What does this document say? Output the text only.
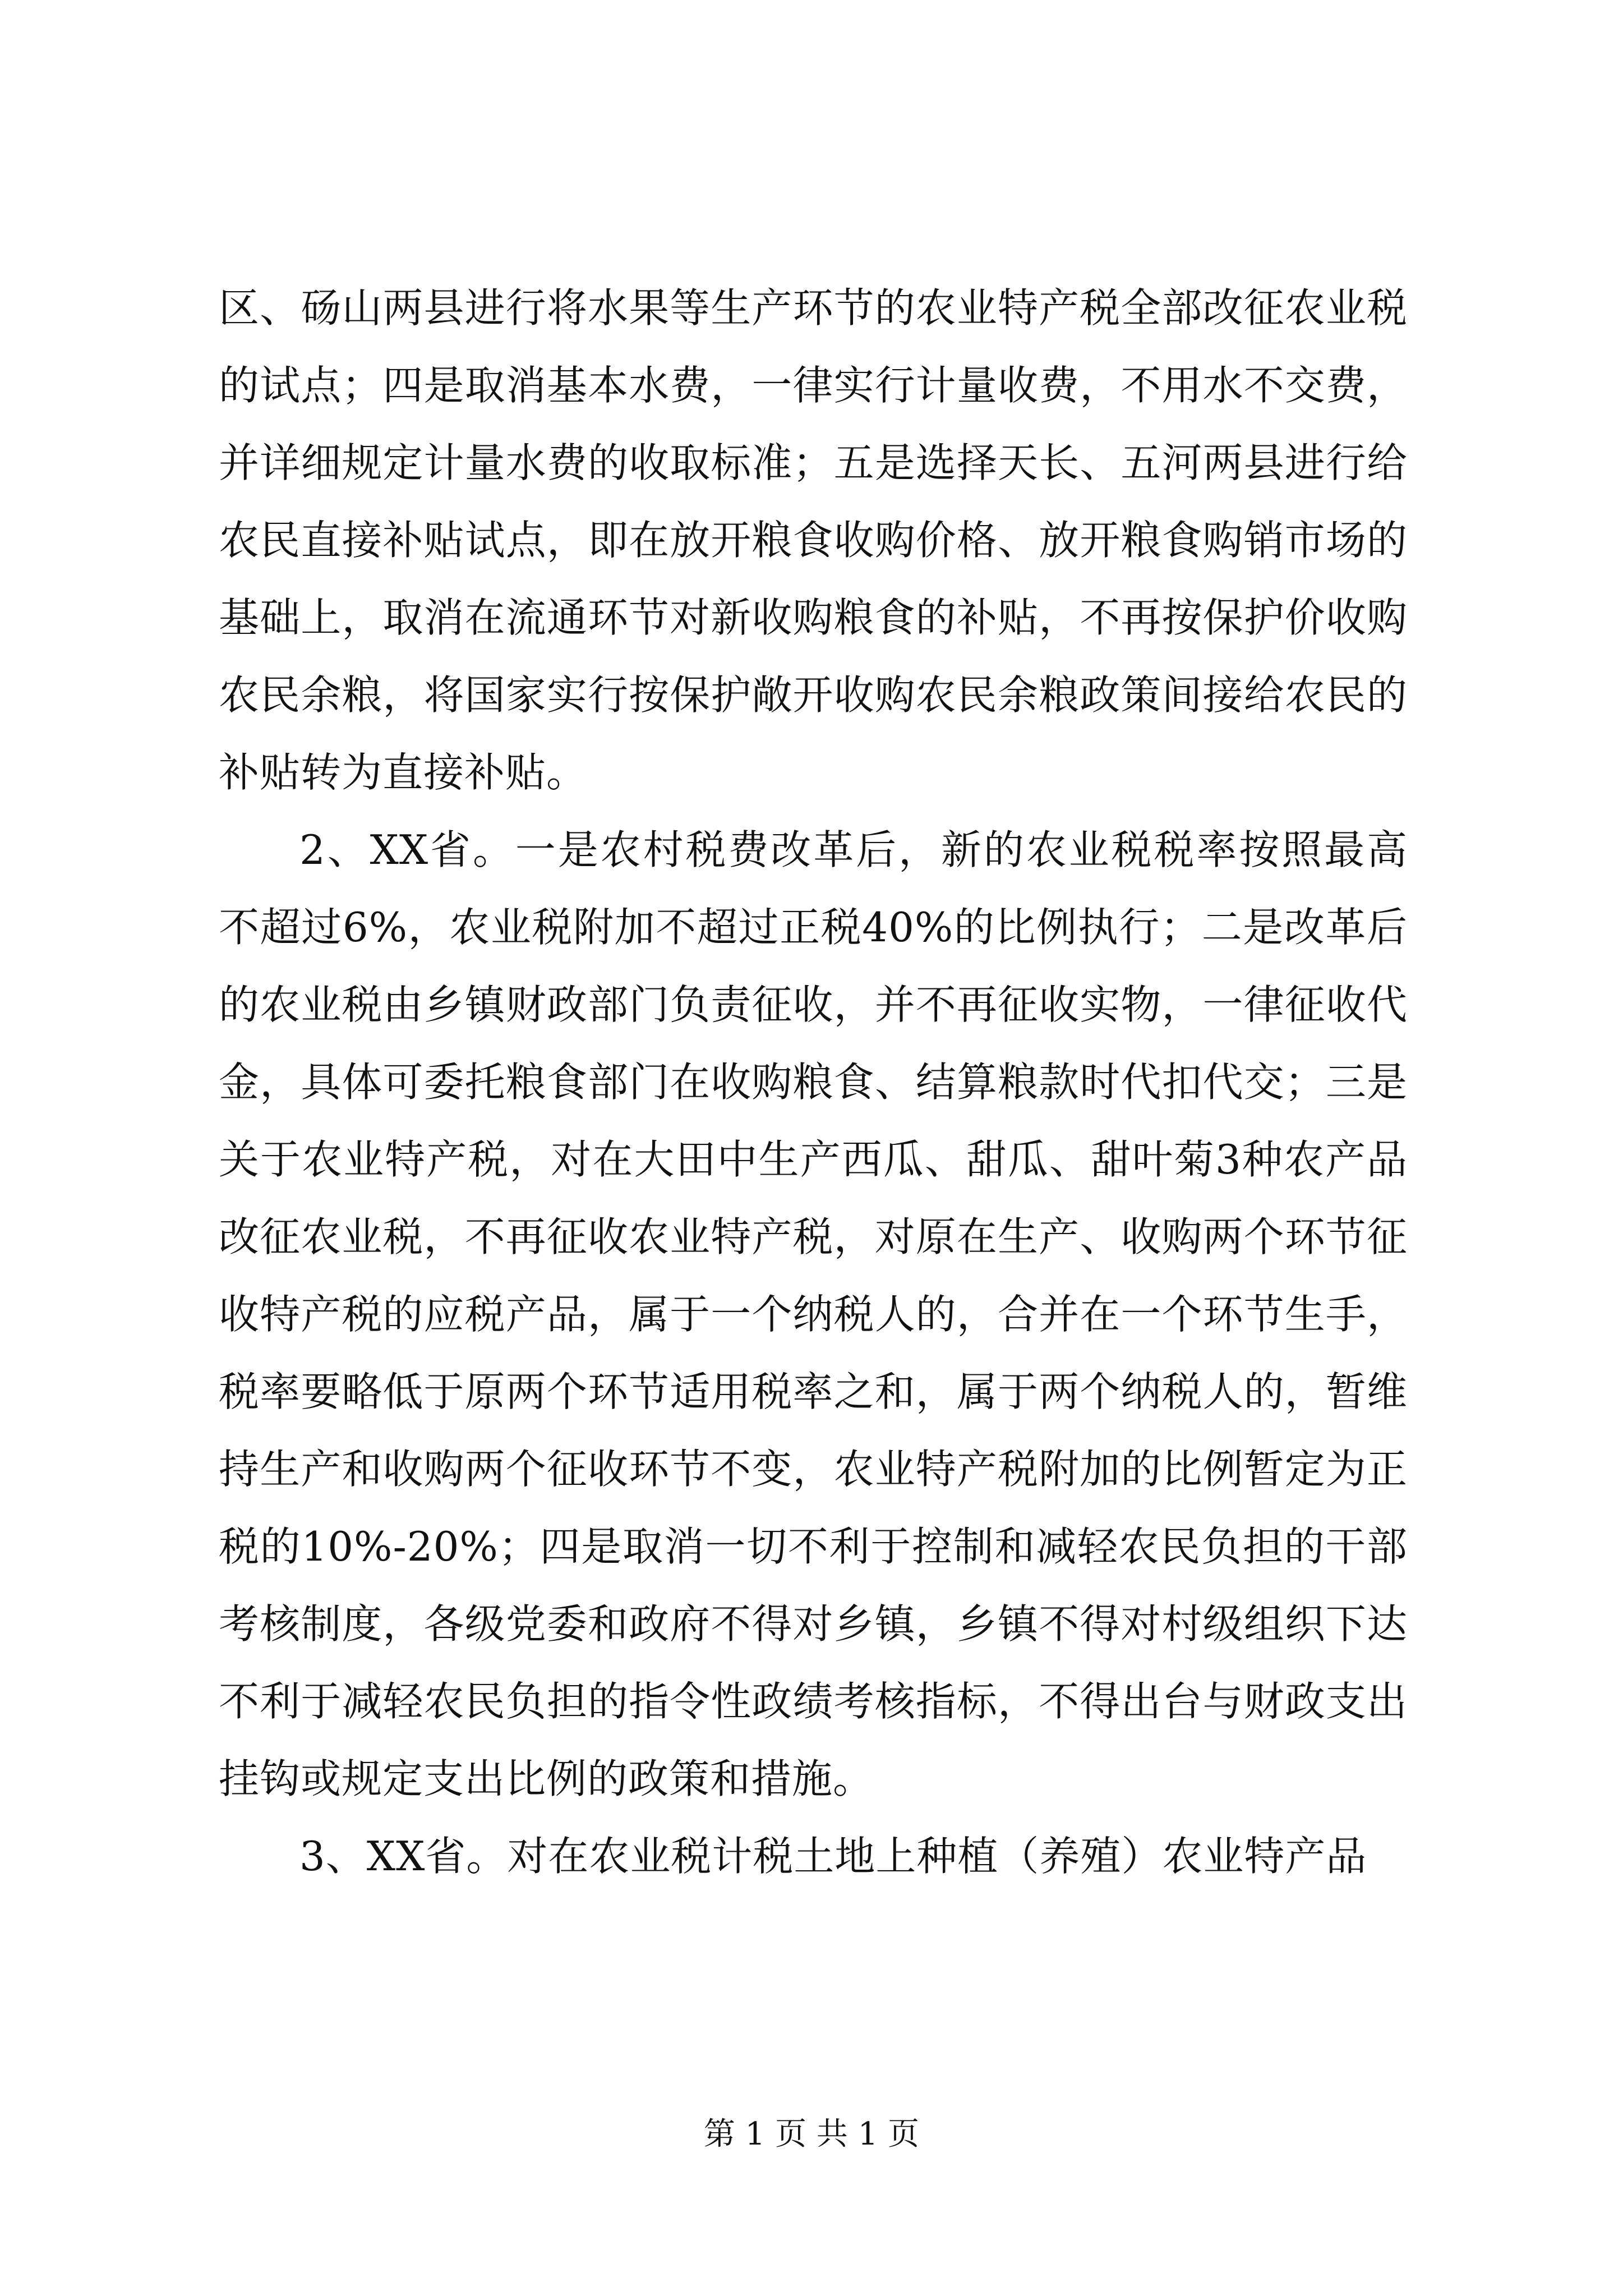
区、砀山两县进行将水果等生产环节的农业特产税全部改征农业税的试点；四是取消基本水费，一律实行计量收费，不用水不交费，并详细规定计量水费的收取标准；五是选择天长、五河两县进行给农民直接补贴试点，即在放开粮食收购价格、放开粮食购销市场的基础上，取消在流通环节对新收购粮食的补贴，不再按保护价收购农民余粮，将国家实行按保护敞开收购农民余粮政策间接给农民的补贴转为直接补贴。

2、XX省。一是农村税费改革后，新的农业税税率按照最高不超过6%，农业税附加不超过正税40%的比例执行；二是改革后的农业税由乡镇财政部门负责征收，并不再征收实物，一律征收代金，具体可委托粮食部门在收购粮食、结算粮款时代扣代交；三是关于农业特产税，对在大田中生产西瓜、甜瓜、甜叶菊3种农产品改征农业税，不再征收农业特产税，对原在生产、收购两个环节征收特产税的应税产品，属于一个纳税人的，合并在一个环节生手，税率要略低于原两个环节适用税率之和，属于两个纳税人的，暂维持生产和收购两个征收环节不变，农业特产税附加的比例暂定为正税的10%-20%；四是取消一切不利于控制和减轻农民负担的干部考核制度，各级党委和政府不得对乡镇，乡镇不得对村级组织下达不利于减轻农民负担的指令性政绩考核指标，不得出台与财政支出挂钩或规定支出比例的政策和措施。

3、XX省。对在农业税计税土地上种植（养殖）农业特产品

第 1 页 共 1 页
